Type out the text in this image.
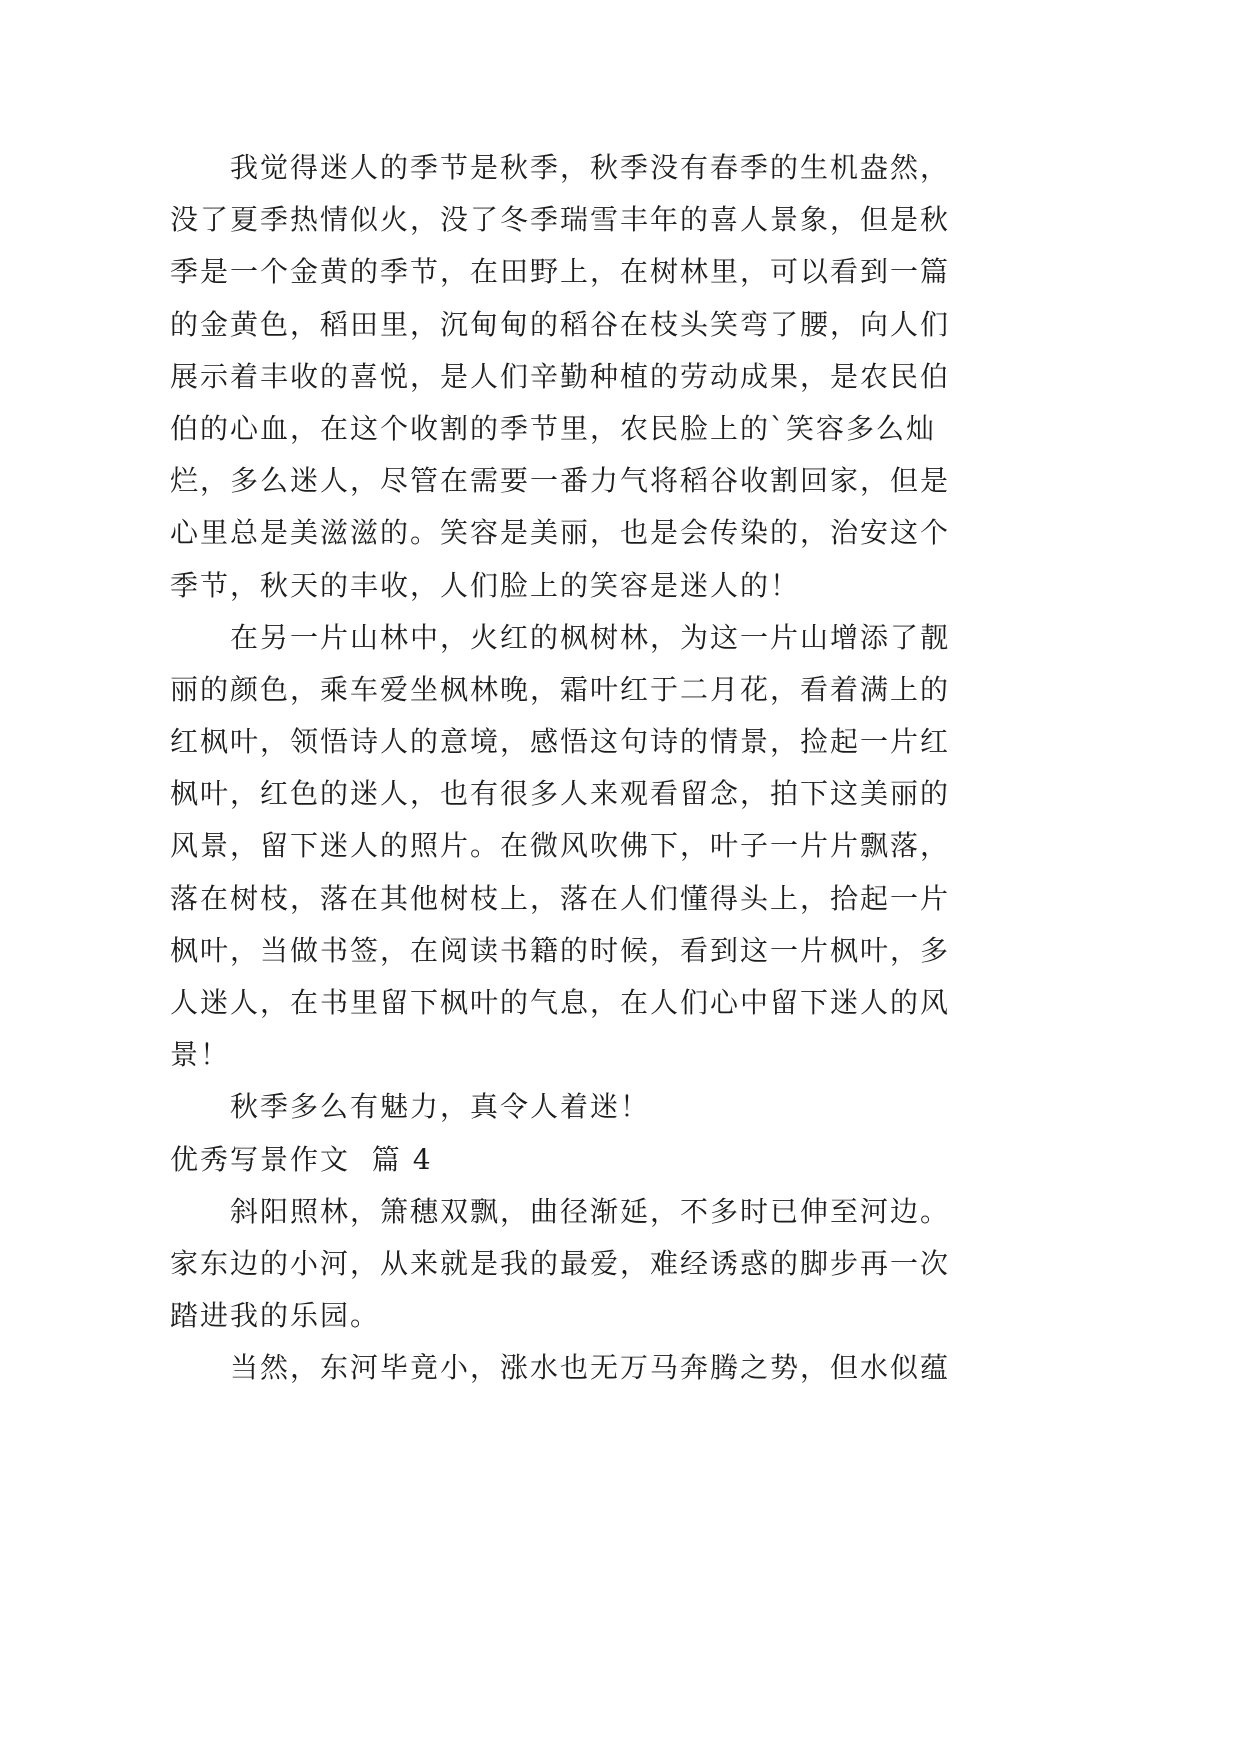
我觉得迷人的季节是秋季，秋季没有春季的生机盎然，
没了夏季热情似火，没了冬季瑞雪丰年的喜人景象，但是秋
季是一个金黄的季节，在田野上，在树林里，可以看到一篇
的金黄色，稻田里，沉甸甸的稻谷在枝头笑弯了腰，向人们
展示着丰收的喜悦，是人们辛勤种植的劳动成果，是农民伯
伯的心血，在这个收割的季节里，农民脸上的`笑容多么灿
烂，多么迷人，尽管在需要一番力气将稻谷收割回家，但是
心里总是美滋滋的。笑容是美丽，也是会传染的，治安这个
季节，秋天的丰收，人们脸上的笑容是迷人的！
在另一片山林中，火红的枫树林，为这一片山增添了靓
丽的颜色，乘车爱坐枫林晚，霜叶红于二月花，看着满上的
红枫叶，领悟诗人的意境，感悟这句诗的情景，捡起一片红
枫叶，红色的迷人，也有很多人来观看留念，拍下这美丽的
风景，留下迷人的照片。在微风吹佛下，叶子一片片飘落，
落在树枝，落在其他树枝上，落在人们懂得头上，拾起一片
枫叶，当做书签，在阅读书籍的时候，看到这一片枫叶，多
人迷人，在书里留下枫叶的气息，在人们心中留下迷人的风
景！
秋季多么有魅力，真令人着迷！
优秀写景作文  篇 4
斜阳照林，箫穗双飘，曲径渐延，不多时已伸至河边。
家东边的小河，从来就是我的最爱，难经诱惑的脚步再一次
踏进我的乐园。
当然，东河毕竟小，涨水也无万马奔腾之势，但水似蕴
